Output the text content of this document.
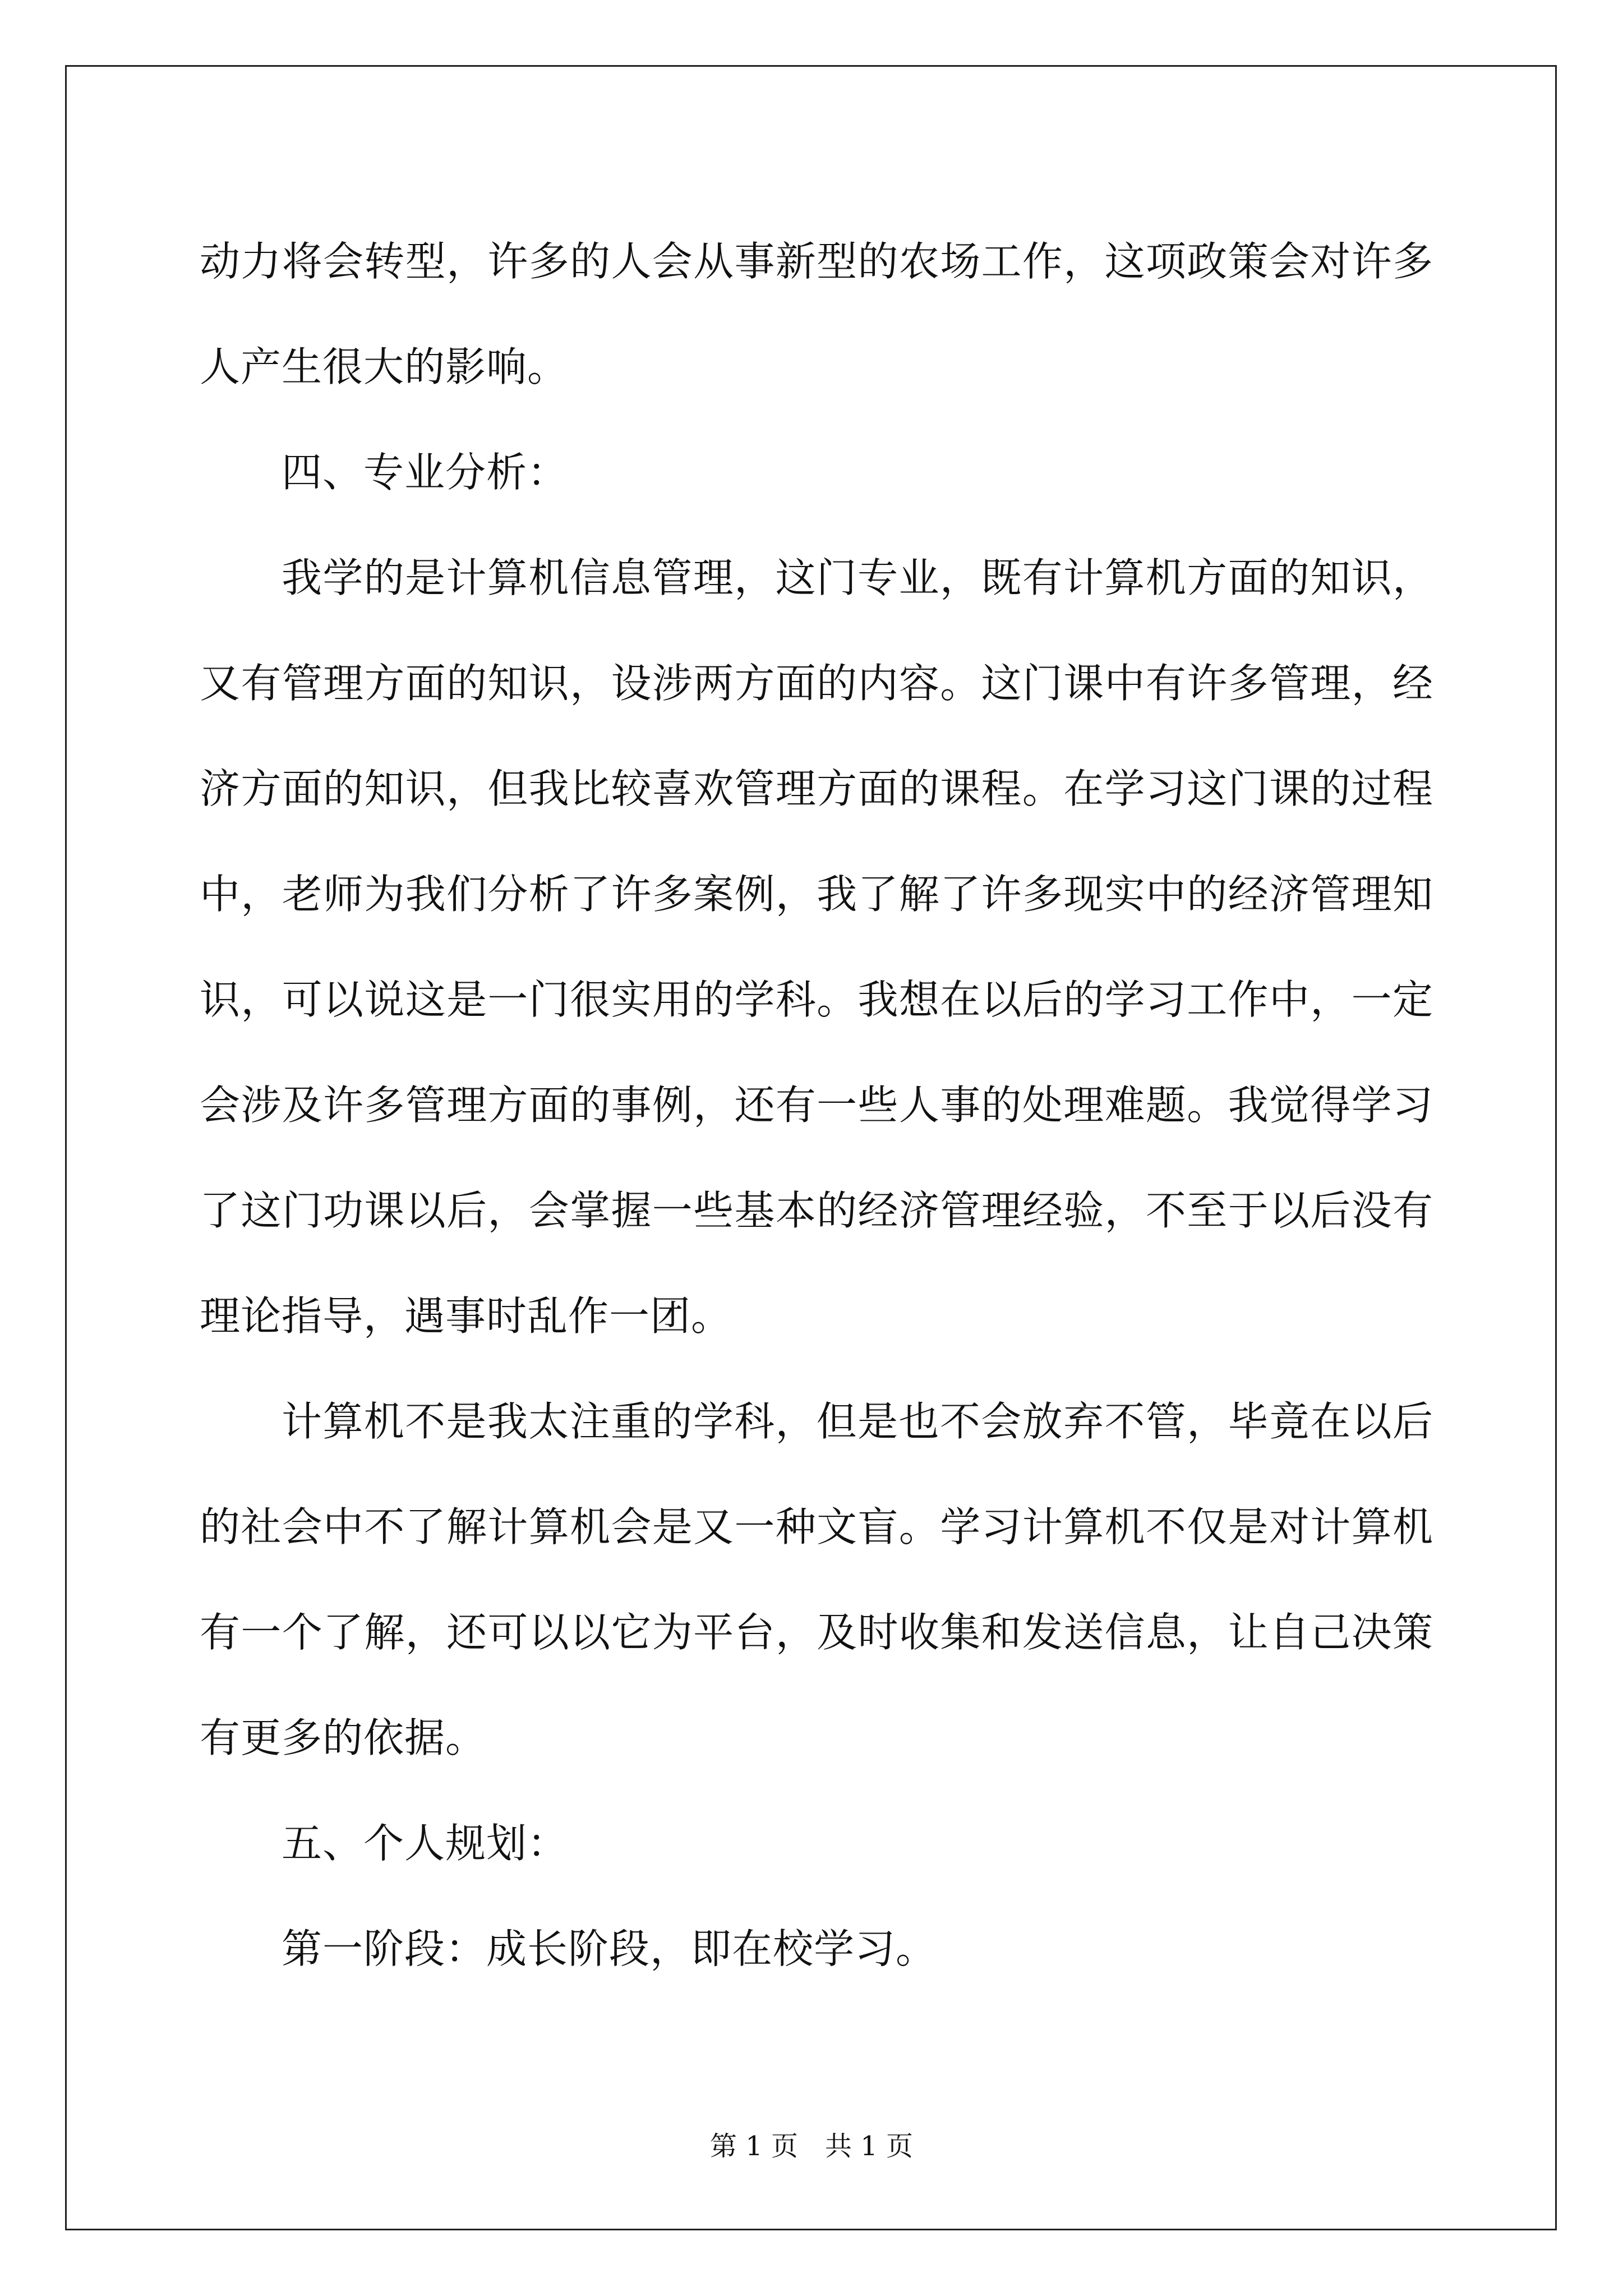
动力将会转型，许多的人会从事新型的农场工作，这项政策会对许多人产生很大的影响。

四、专业分析：

我学的是计算机信息管理，这门专业，既有计算机方面的知识，又有管理方面的知识，设涉两方面的内容。这门课中有许多管理，经济方面的知识，但我比较喜欢管理方面的课程。在学习这门课的过程中，老师为我们分析了许多案例，我了解了许多现实中的经济管理知识，可以说这是一门很实用的学科。我想在以后的学习工作中，一定会涉及许多管理方面的事例，还有一些人事的处理难题。我觉得学习了这门功课以后，会掌握一些基本的经济管理经验，不至于以后没有理论指导，遇事时乱作一团。

计算机不是我太注重的学科，但是也不会放弃不管，毕竟在以后的社会中不了解计算机会是又一种文盲。学习计算机不仅是对计算机有一个了解，还可以以它为平台，及时收集和发送信息，让自己决策有更多的依据。

五、个人规划：

第一阶段：成长阶段，即在校学习。

第 1 页　共 1 页
